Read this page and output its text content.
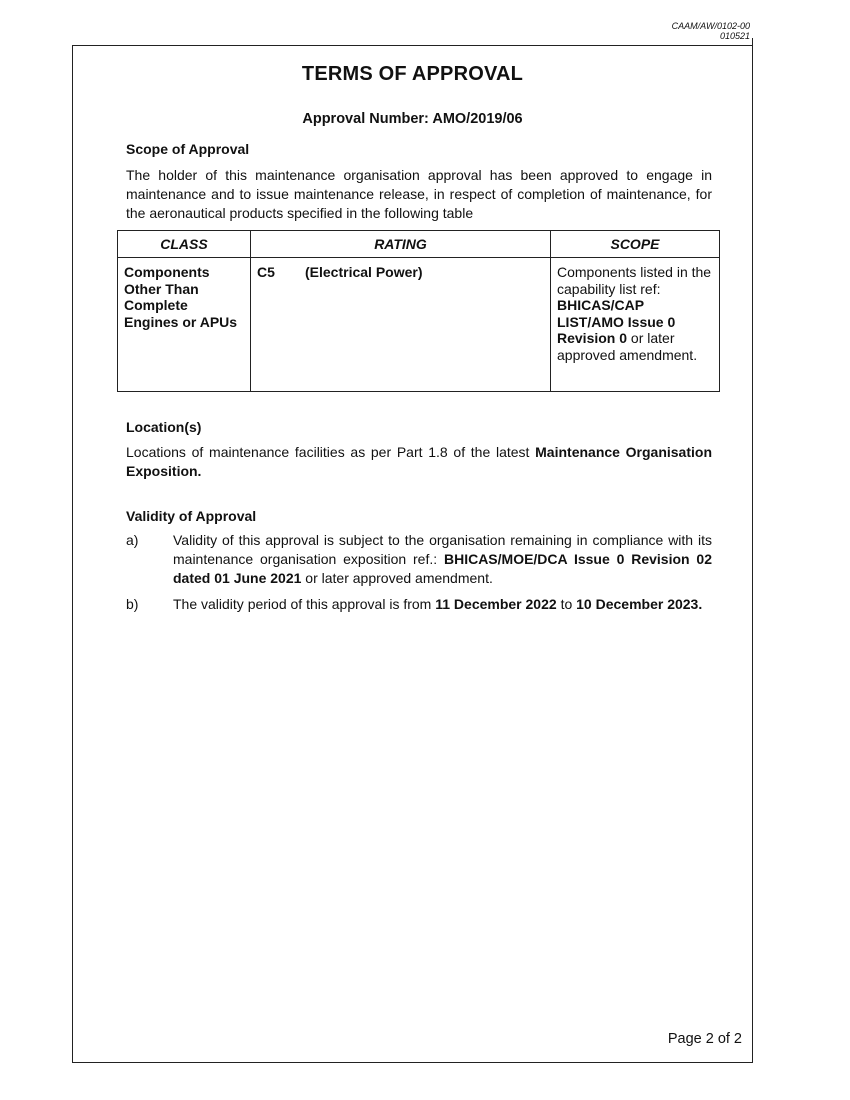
CAAM/AW/0102-00
010521
TERMS OF APPROVAL
Approval Number: AMO/2019/06
Scope of Approval
The holder of this maintenance organisation approval has been approved to engage in maintenance and to issue maintenance release, in respect of completion of maintenance, for the aeronautical products specified in the following table
CLASS	RATING	SCOPE

Components
Other Than
Complete
Engines or APUs	C5 (Electrical Power)	Components listed in the capability list ref: BHICAS/CAP LIST/AMO Issue 0 Revision 0 or later approved amendment.
Location(s)
Locations of maintenance facilities as per Part 1.8 of the latest Maintenance Organisation Exposition.
Validity of Approval
a) Validity of this approval is subject to the organisation remaining in compliance with its maintenance organisation exposition ref.: BHICAS/MOE/DCA Issue 0 Revision 02 dated 01 June 2021 or later approved amendment.
b) The validity period of this approval is from 11 December 2022 to 10 December 2023.
Page 2 of 2
